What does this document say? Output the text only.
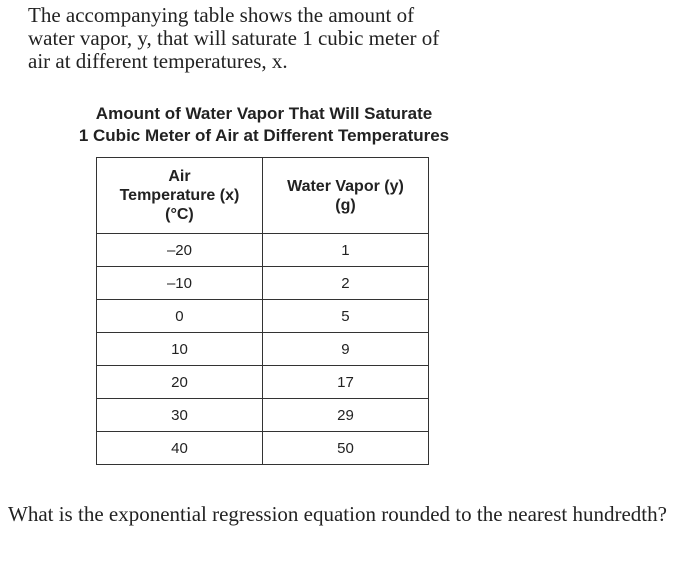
The accompanying table shows the amount of
water vapor, y, that will saturate 1 cubic meter of
air at different temperatures, x.

Amount of Water Vapor That Will Saturate
1 Cubic Meter of Air at Different Temperatures
Air
Temperature (x)
(°C)	Water Vapor (y)
(g)

–20	1
–10	2
0	5
10	9
20	17
30	29
40	50

What is the exponential regression equation rounded to the nearest hundredth?
